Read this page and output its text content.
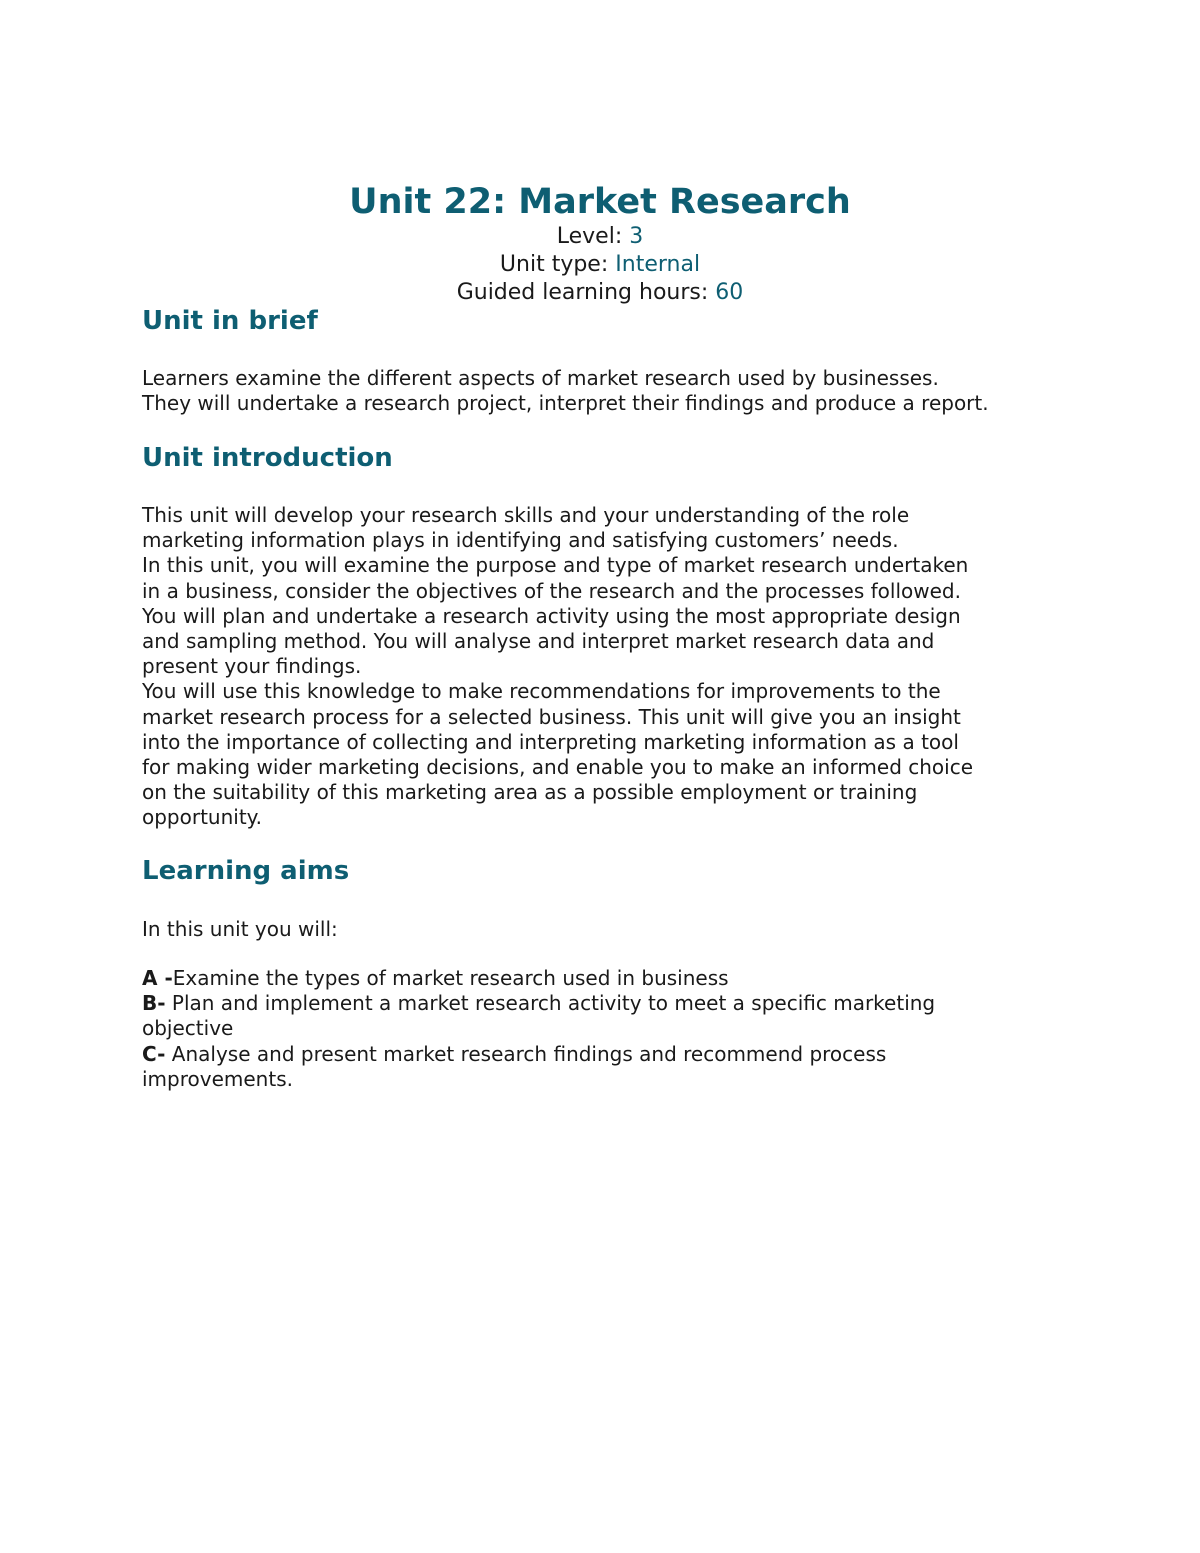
Unit 22: Market Research

Level: 3

Unit type: Internal

Guided learning hours: 60

Unit in brief

Learners examine the different aspects of market research used by businesses.

They will undertake a research project, interpret their findings and produce a report.

Unit introduction

This unit will develop your research skills and your understanding of the role

marketing information plays in identifying and satisfying customers’ needs.

In this unit, you will examine the purpose and type of market research undertaken

in a business, consider the objectives of the research and the processes followed.

You will plan and undertake a research activity using the most appropriate design

and sampling method. You will analyse and interpret market research data and

present your findings.

You will use this knowledge to make recommendations for improvements to the

market research process for a selected business. This unit will give you an insight

into the importance of collecting and interpreting marketing information as a tool

for making wider marketing decisions, and enable you to make an informed choice

on the suitability of this marketing area as a possible employment or training

opportunity.

Learning aims

In this unit you will:

A -Examine the types of market research used in business

B- Plan and implement a market research activity to meet a specific marketing

objective

C- Analyse and present market research findings and recommend process

improvements.
